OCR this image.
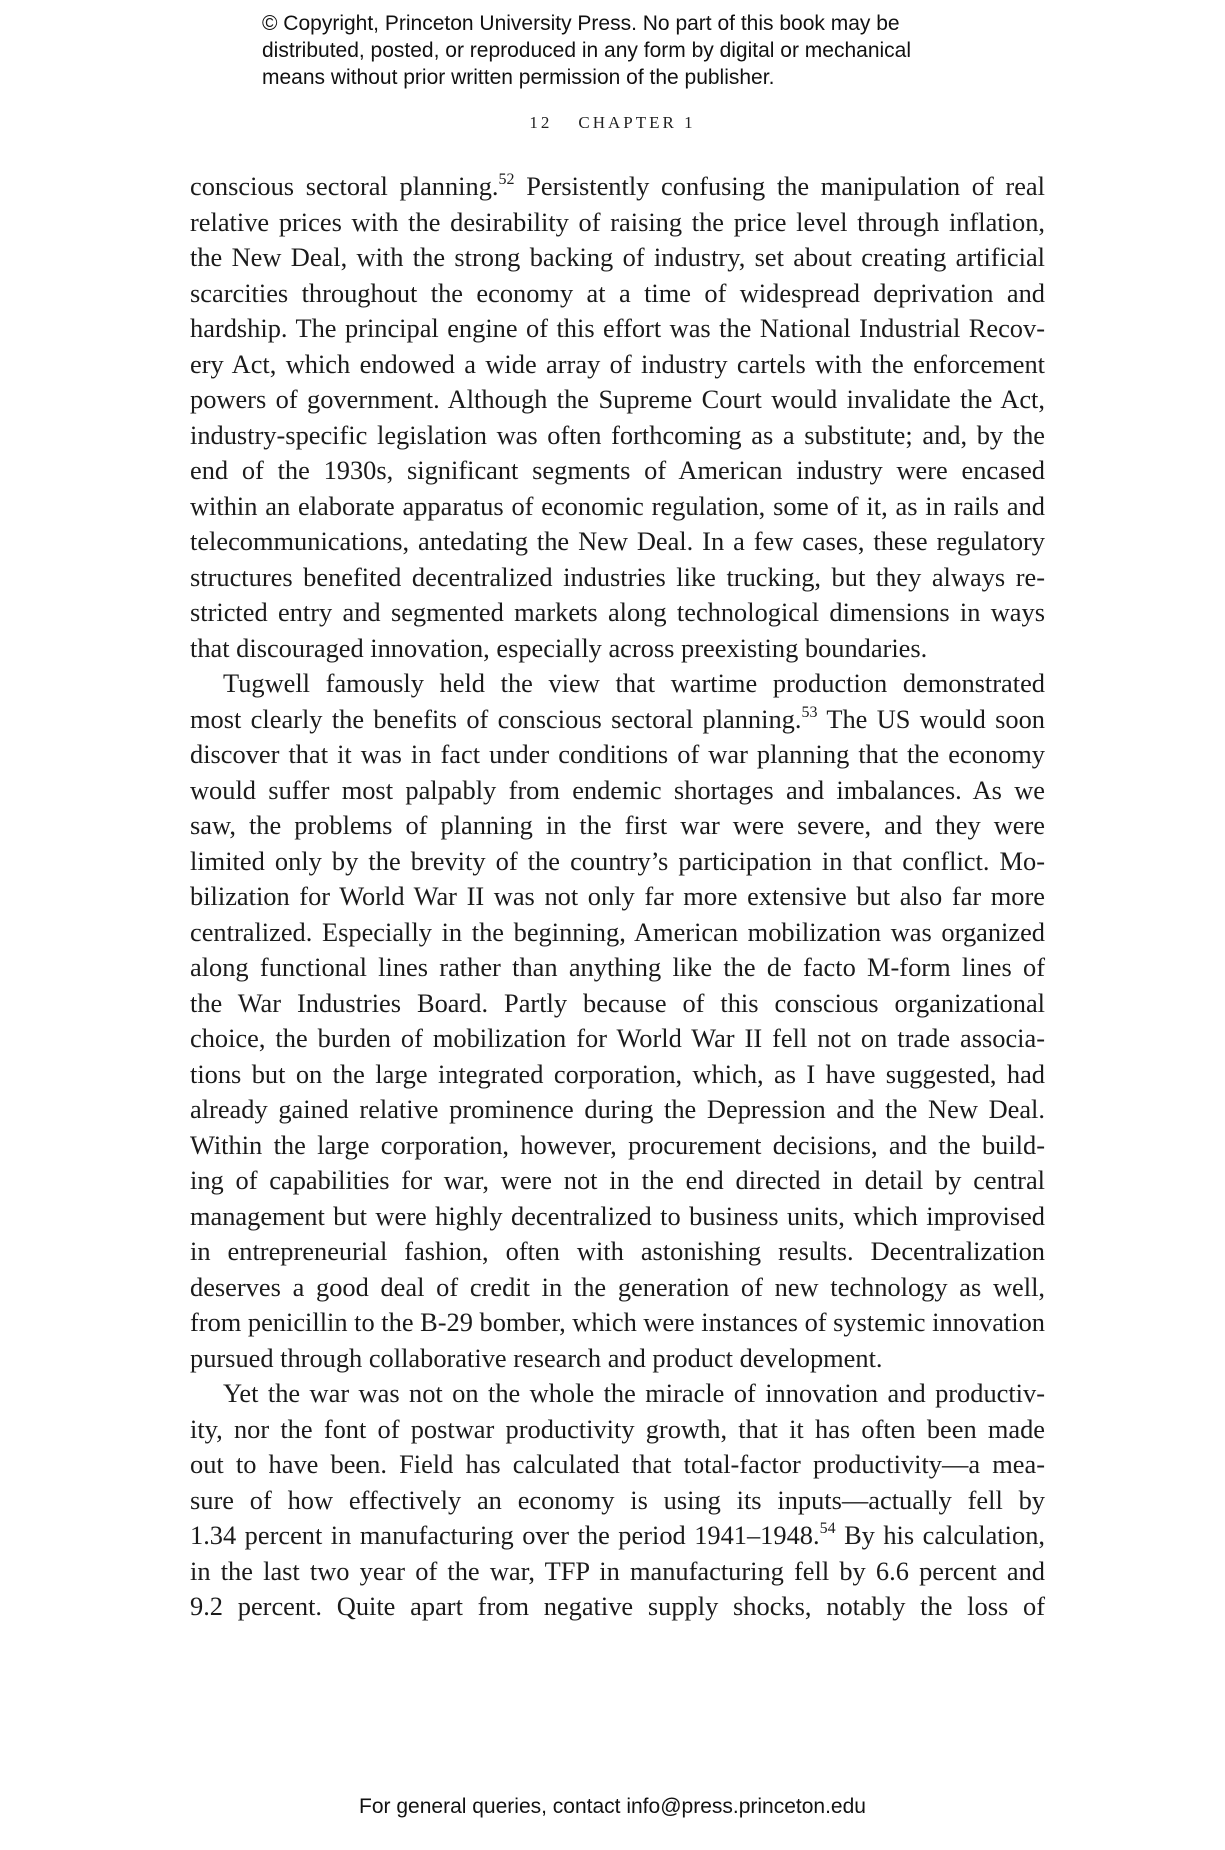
© Copyright, Princeton University Press. No part of this book may be
distributed, posted, or reproduced in any form by digital or mechanical
means without prior written permission of the publisher.
12 CHAPTER 1
conscious sectoral planning.$^{52}$ Persistently confusing the manipulation of real
relative prices with the desirability of raising the price level through inflation,
the New Deal, with the strong backing of industry, set about creating artificial
scarcities throughout the economy at a time of widespread deprivation and
hardship. The principal engine of this effort was the National Industrial Recov-
ery Act, which endowed a wide array of industry cartels with the enforcement
powers of government. Although the Supreme Court would invalidate the Act,
industry-specific legislation was often forthcoming as a substitute; and, by the
end of the 1930s, significant segments of American industry were encased
within an elaborate apparatus of economic regulation, some of it, as in rails and
telecommunications, antedating the New Deal. In a few cases, these regulatory
structures benefited decentralized industries like trucking, but they always re-
stricted entry and segmented markets along technological dimensions in ways
that discouraged innovation, especially across preexisting boundaries.
Tugwell famously held the view that wartime production demonstrated
most clearly the benefits of conscious sectoral planning.$^{53}$ The US would soon
discover that it was in fact under conditions of war planning that the economy
would suffer most palpably from endemic shortages and imbalances. As we
saw, the problems of planning in the first war were severe, and they were
limited only by the brevity of the country’s participation in that conflict. Mo-
bilization for World War II was not only far more extensive but also far more
centralized. Especially in the beginning, American mobilization was organized
along functional lines rather than anything like the de facto M-form lines of
the War Industries Board. Partly because of this conscious organizational
choice, the burden of mobilization for World War II fell not on trade associa-
tions but on the large integrated corporation, which, as I have suggested, had
already gained relative prominence during the Depression and the New Deal.
Within the large corporation, however, procurement decisions, and the build-
ing of capabilities for war, were not in the end directed in detail by central
management but were highly decentralized to business units, which improvised
in entrepreneurial fashion, often with astonishing results. Decentralization
deserves a good deal of credit in the generation of new technology as well,
from penicillin to the B-29 bomber, which were instances of systemic innovation
pursued through collaborative research and product development.
Yet the war was not on the whole the miracle of innovation and productiv-
ity, nor the font of postwar productivity growth, that it has often been made
out to have been. Field has calculated that total-factor productivity—a mea-
sure of how effectively an economy is using its inputs—actually fell by
1.34 percent in manufacturing over the period 1941–1948.54 By his calculation,
in the last two year of the war, TFP in manufacturing fell by 6.6 percent and
9.2 percent. Quite apart from negative supply shocks, notably the loss of
For general queries, contact info@press.princeton.edu
